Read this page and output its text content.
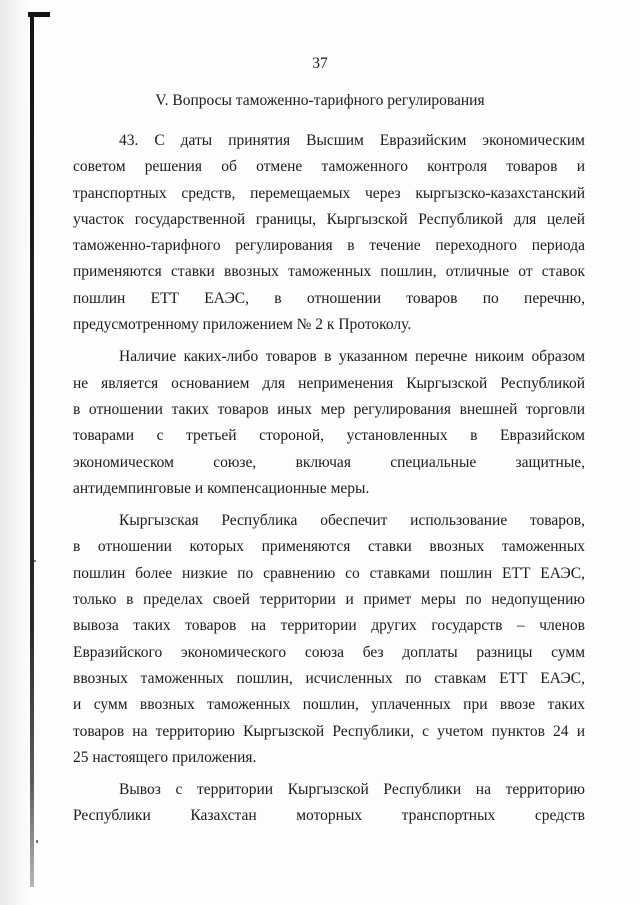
37
V. Вопросы таможенно-тарифного регулирования
43. С даты принятия Высшим Евразийским экономическим
советом решения об отмене таможенного контроля товаров и
транспортных средств, перемещаемых через кыргызско-казахстанский
участок государственной границы, Кыргызской Республикой для целей
таможенно-тарифного регулирования в течение переходного периода
применяются ставки ввозных таможенных пошлин, отличные от ставок
пошлин ЕТТ ЕАЭС, в отношении товаров по перечню,
предусмотренному приложением № 2 к Протоколу.
Наличие каких-либо товаров в указанном перечне никоим образом
не является основанием для неприменения Кыргызской Республикой
в отношении таких товаров иных мер регулирования внешней торговли
товарами с третьей стороной, установленных в Евразийском
экономическом союзе, включая специальные защитные,
антидемпинговые и компенсационные меры.
Кыргызская Республика обеспечит использование товаров,
в отношении которых применяются ставки ввозных таможенных
пошлин более низкие по сравнению со ставками пошлин ЕТТ ЕАЭС,
только в пределах своей территории и примет меры по недопущению
вывоза таких товаров на территории других государств – членов
Евразийского экономического союза без доплаты разницы сумм
ввозных таможенных пошлин, исчисленных по ставкам ЕТТ ЕАЭС,
и сумм ввозных таможенных пошлин, уплаченных при ввозе таких
товаров на территорию Кыргызской Республики, с учетом пунктов 24 и
25 настоящего приложения.
Вывоз с территории Кыргызской Республики на территорию
Республики Казахстан моторных транспортных средств
